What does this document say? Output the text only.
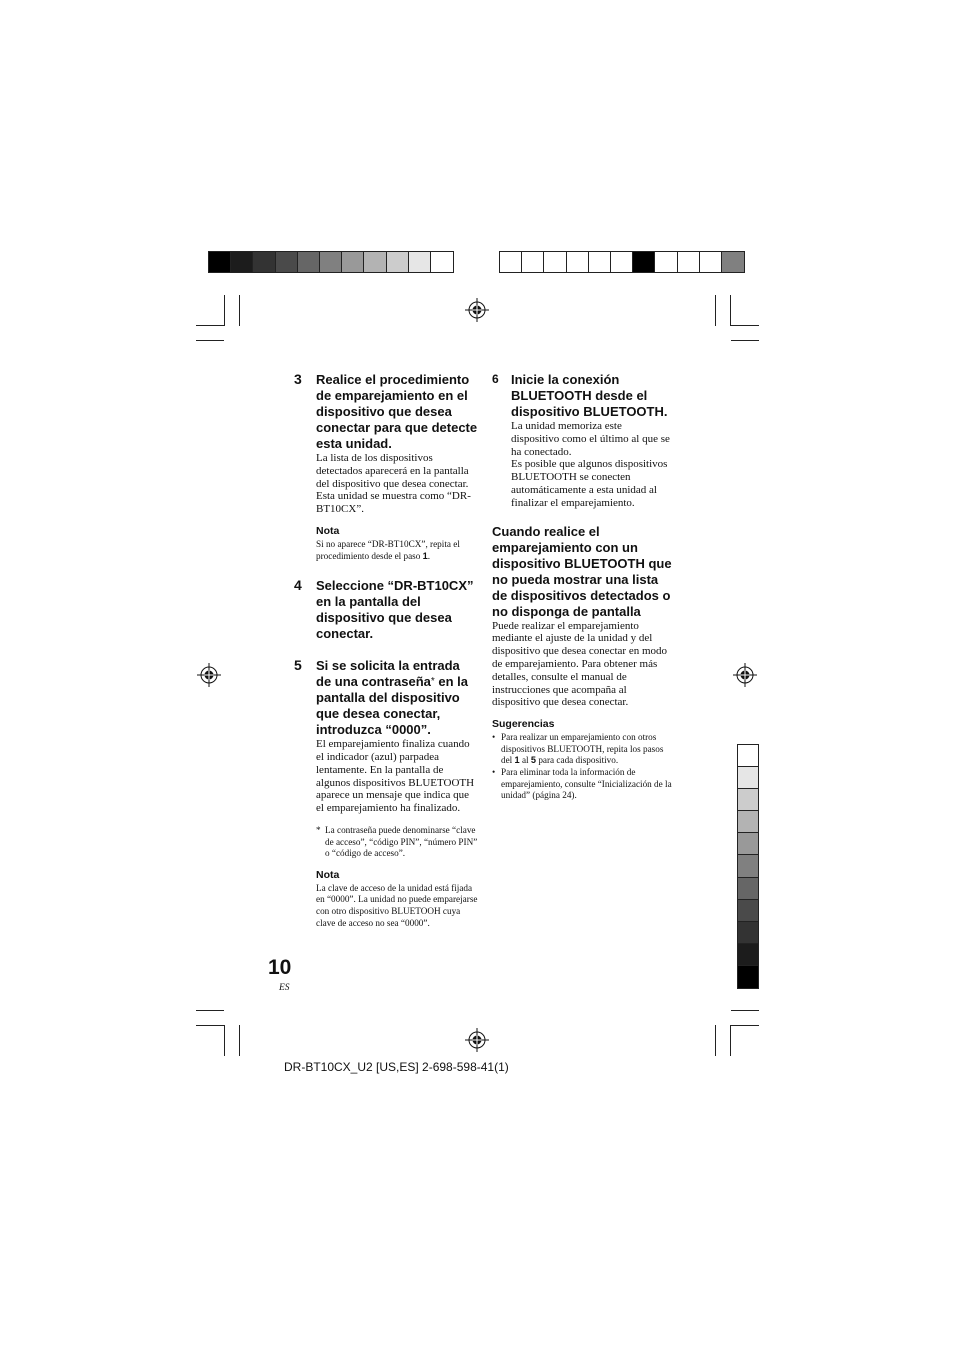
3 Realice el procedimiento de emparejamiento en el dispositivo que desea conectar para que detecte esta unidad.

La lista de los dispositivos detectados aparecerá en la pantalla del dispositivo que desea conectar. Esta unidad se muestra como “DR-BT10CX”.

Nota

Si no aparece “DR-BT10CX”, repita el procedimiento desde el paso 1.

4 Seleccione “DR-BT10CX” en la pantalla del dispositivo que desea conectar.

5 Si se solicita la entrada de una contraseña* en la pantalla del dispositivo que desea conectar, introduzca “0000”.

El emparejamiento finaliza cuando el indicador (azul) parpadea lentamente. En la pantalla de algunos dispositivos BLUETOOTH aparece un mensaje que indica que el emparejamiento ha finalizado.

* La contraseña puede denominarse “clave de acceso”, “código PIN”, “número PIN” o “código de acceso”.

Nota

La clave de acceso de la unidad está fijada en “0000”. La unidad no puede emparejarse con otro dispositivo BLUETOOH cuya clave de acceso no sea “0000”.

6 Inicie la conexión BLUETOOTH desde el dispositivo BLUETOOTH.

La unidad memoriza este dispositivo como el último al que se ha conectado.

Es posible que algunos dispositivos BLUETOOTH se conecten automáticamente a esta unidad al finalizar el emparejamiento.

Cuando realice el emparejamiento con un dispositivo BLUETOOTH que no pueda mostrar una lista de dispositivos detectados o no disponga de pantalla

Puede realizar el emparejamiento mediante el ajuste de la unidad y del dispositivo que desea conectar en modo de emparejamiento. Para obtener más detalles, consulte el manual de instrucciones que acompaña al dispositivo que desea conectar.

Sugerencias

• Para realizar un emparejamiento con otros dispositivos BLUETOOTH, repita los pasos del 1 al 5 para cada dispositivo.
• Para eliminar toda la información de emparejamiento, consulte “Inicialización de la unidad” (página 24).
10
ES
DR-BT10CX_U2 [US,ES] 2-698-598-41(1)
